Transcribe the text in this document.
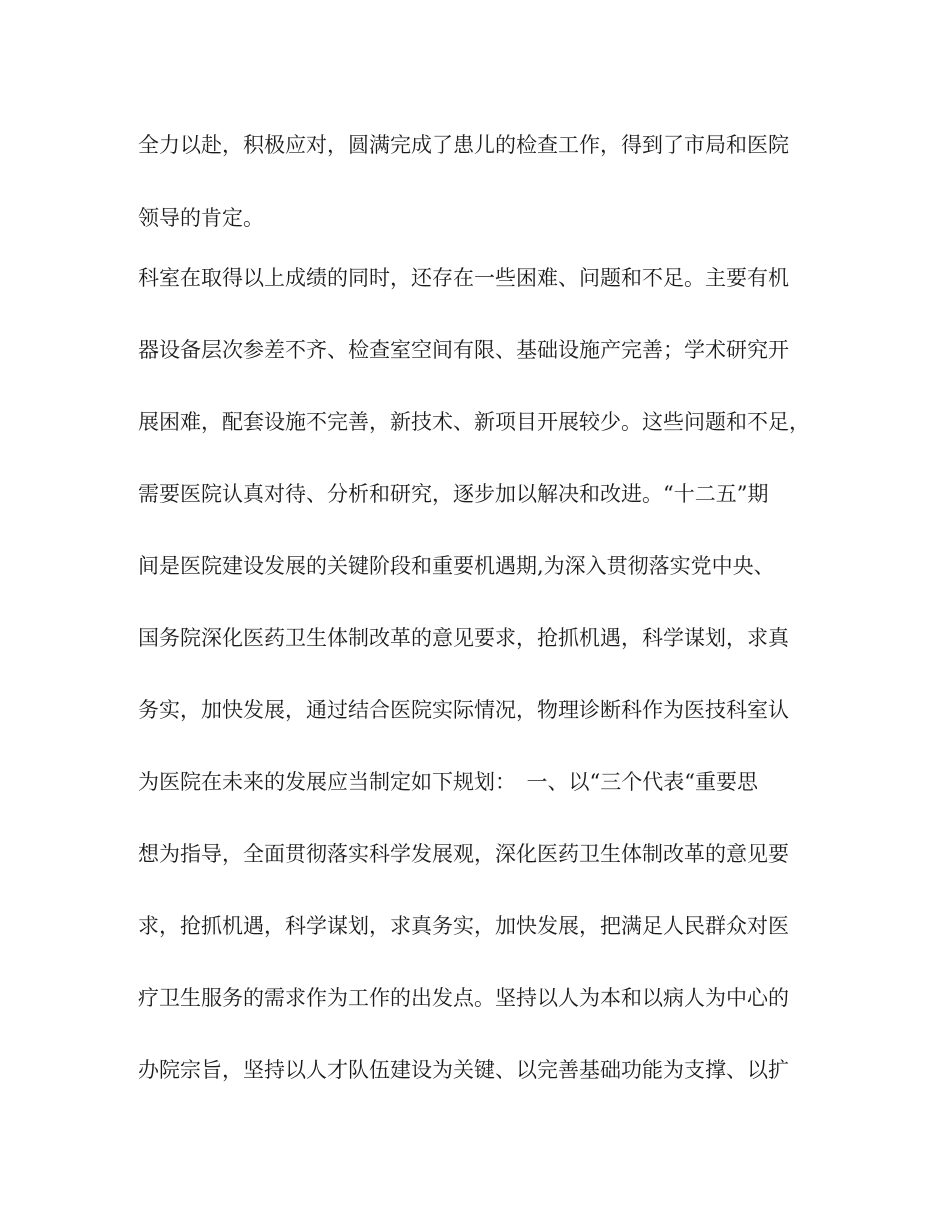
全力以赴，积极应对，圆满完成了患儿的检查工作，得到了市局和医院
领导的肯定。
科室在取得以上成绩的同时，还存在一些困难、问题和不足。主要有机
器设备层次参差不齐、检查室空间有限、基础设施产完善；学术研究开
展困难，配套设施不完善，新技术、新项目开展较少。这些问题和不足，
需要医院认真对待、分析和研究，逐步加以解决和改进。“十二五”期
间是医院建设发展的关键阶段和重要机遇期,为深入贯彻落实党中央、
国务院深化医药卫生体制改革的意见要求，抢抓机遇，科学谋划，求真
务实，加快发展，通过结合医院实际情况，物理诊断科作为医技科室认
为医院在未来的发展应当制定如下规划：　一、以“三个代表“重要思
想为指导，全面贯彻落实科学发展观，深化医药卫生体制改革的意见要
求，抢抓机遇，科学谋划，求真务实，加快发展，把满足人民群众对医
疗卫生服务的需求作为工作的出发点。坚持以人为本和以病人为中心的
办院宗旨，坚持以人才队伍建设为关键、以完善基础功能为支撑、以扩
